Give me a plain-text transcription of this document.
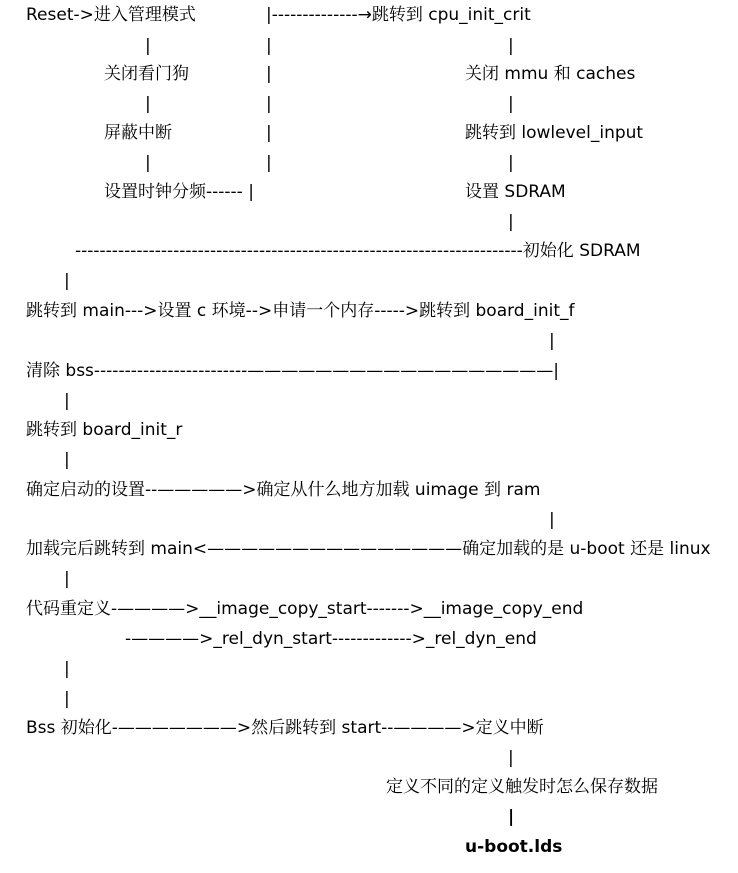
Reset->进入管理模式	|--------------→跳转到 cpu_init_crit
|	|	|
关闭看门狗	|	关闭 mmu 和 caches
|	|	|
屏蔽中断	|	跳转到 lowlevel_input
|	|	|
设置时钟分频------ |	设置 SDRAM
|
-------------------------------------------------------------------------初始化 SDRAM
|
跳转到 main--->设置 c 环境-->申请一个内存----->跳转到 board_init_f
|
清除 bss-------------------------——————————————————|
|
跳转到 board_init_r
|
确定启动的设置--—————>确定从什么地方加载 uimage 到 ram
|
加载完后跳转到 main<———————————————确定加载的是 u-boot 还是 linux
|
代码重定义-————>__image_copy_start------->__image_copy_end
-————>_rel_dyn_start------------->_rel_dyn_end
|
|
Bss 初始化-———————>然后跳转到 start--————>定义中断
|
定义不同的定义触发时怎么保存数据
|
u-boot.lds
